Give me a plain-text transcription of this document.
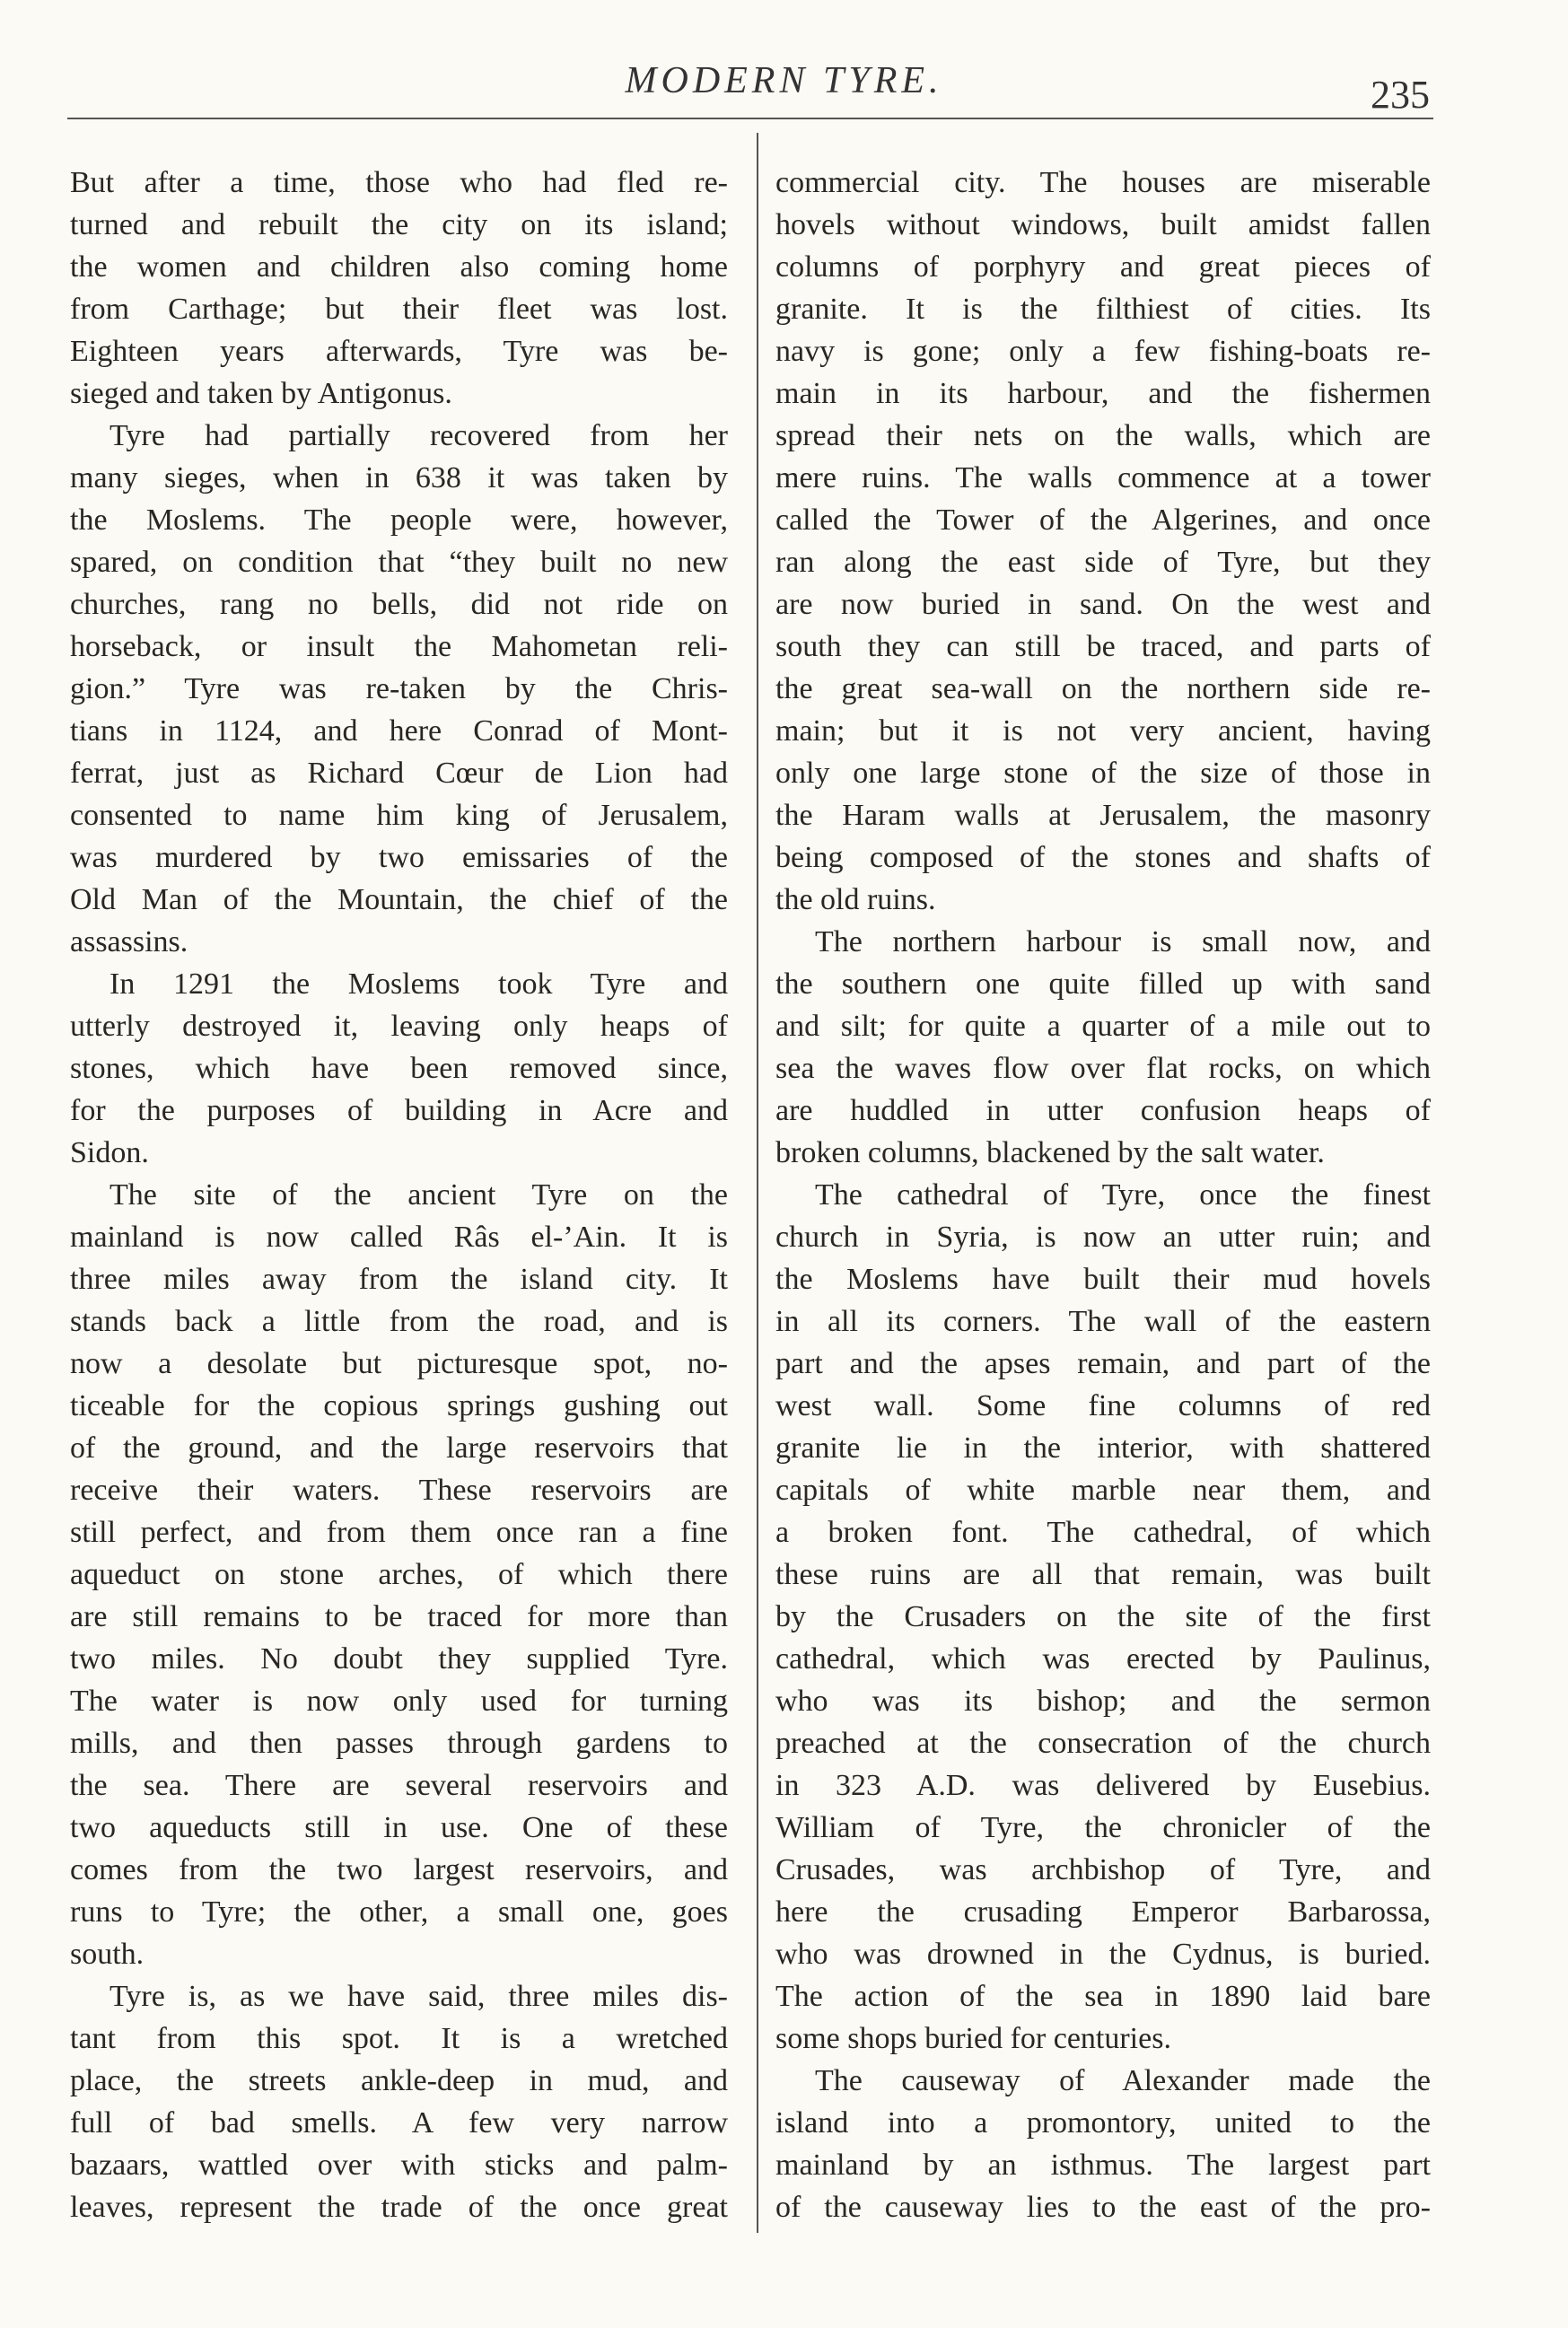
MODERN TYRE.	235
But after a time, those who had fled re-
turned and rebuilt the city on its island;
the women and children also coming home
from Carthage; but their fleet was lost.
Eighteen years afterwards, Tyre was be-
sieged and taken by Antigonus.
Tyre had partially recovered from her
many sieges, when in 638 it was taken by
the Moslems. The people were, however,
spared, on condition that “they built no new
churches, rang no bells, did not ride on
horseback, or insult the Mahometan reli-
gion.” Tyre was re-taken by the Chris-
tians in 1124, and here Conrad of Mont-
ferrat, just as Richard Cœur de Lion had
consented to name him king of Jerusalem,
was murdered by two emissaries of the
Old Man of the Mountain, the chief of the
assassins.
In 1291 the Moslems took Tyre and
utterly destroyed it, leaving only heaps of
stones, which have been removed since,
for the purposes of building in Acre and
Sidon.
The site of the ancient Tyre on the
mainland is now called Râs el-’Ain. It is
three miles away from the island city. It
stands back a little from the road, and is
now a desolate but picturesque spot, no-
ticeable for the copious springs gushing out
of the ground, and the large reservoirs that
receive their waters. These reservoirs are
still perfect, and from them once ran a fine
aqueduct on stone arches, of which there
are still remains to be traced for more than
two miles. No doubt they supplied Tyre.
The water is now only used for turning
mills, and then passes through gardens to
the sea. There are several reservoirs and
two aqueducts still in use. One of these
comes from the two largest reservoirs, and
runs to Tyre; the other, a small one, goes
south.
Tyre is, as we have said, three miles dis-
tant from this spot. It is a wretched
place, the streets ankle-deep in mud, and
full of bad smells. A few very narrow
bazaars, wattled over with sticks and palm-
leaves, represent the trade of the once great
commercial city. The houses are miserable
hovels without windows, built amidst fallen
columns of porphyry and great pieces of
granite. It is the filthiest of cities. Its
navy is gone; only a few fishing-boats re-
main in its harbour, and the fishermen
spread their nets on the walls, which are
mere ruins. The walls commence at a tower
called the Tower of the Algerines, and once
ran along the east side of Tyre, but they
are now buried in sand. On the west and
south they can still be traced, and parts of
the great sea-wall on the northern side re-
main; but it is not very ancient, having
only one large stone of the size of those in
the Haram walls at Jerusalem, the masonry
being composed of the stones and shafts of
the old ruins.
The northern harbour is small now, and
the southern one quite filled up with sand
and silt; for quite a quarter of a mile out to
sea the waves flow over flat rocks, on which
are huddled in utter confusion heaps of
broken columns, blackened by the salt water.
The cathedral of Tyre, once the finest
church in Syria, is now an utter ruin; and
the Moslems have built their mud hovels
in all its corners. The wall of the eastern
part and the apses remain, and part of the
west wall. Some fine columns of red
granite lie in the interior, with shattered
capitals of white marble near them, and
a broken font. The cathedral, of which
these ruins are all that remain, was built
by the Crusaders on the site of the first
cathedral, which was erected by Paulinus,
who was its bishop; and the sermon
preached at the consecration of the church
in 323 A.D. was delivered by Eusebius.
William of Tyre, the chronicler of the
Crusades, was archbishop of Tyre, and
here the crusading Emperor Barbarossa,
who was drowned in the Cydnus, is buried.
The action of the sea in 1890 laid bare
some shops buried for centuries.
The causeway of Alexander made the
island into a promontory, united to the
mainland by an isthmus. The largest part
of the causeway lies to the east of the pro-
